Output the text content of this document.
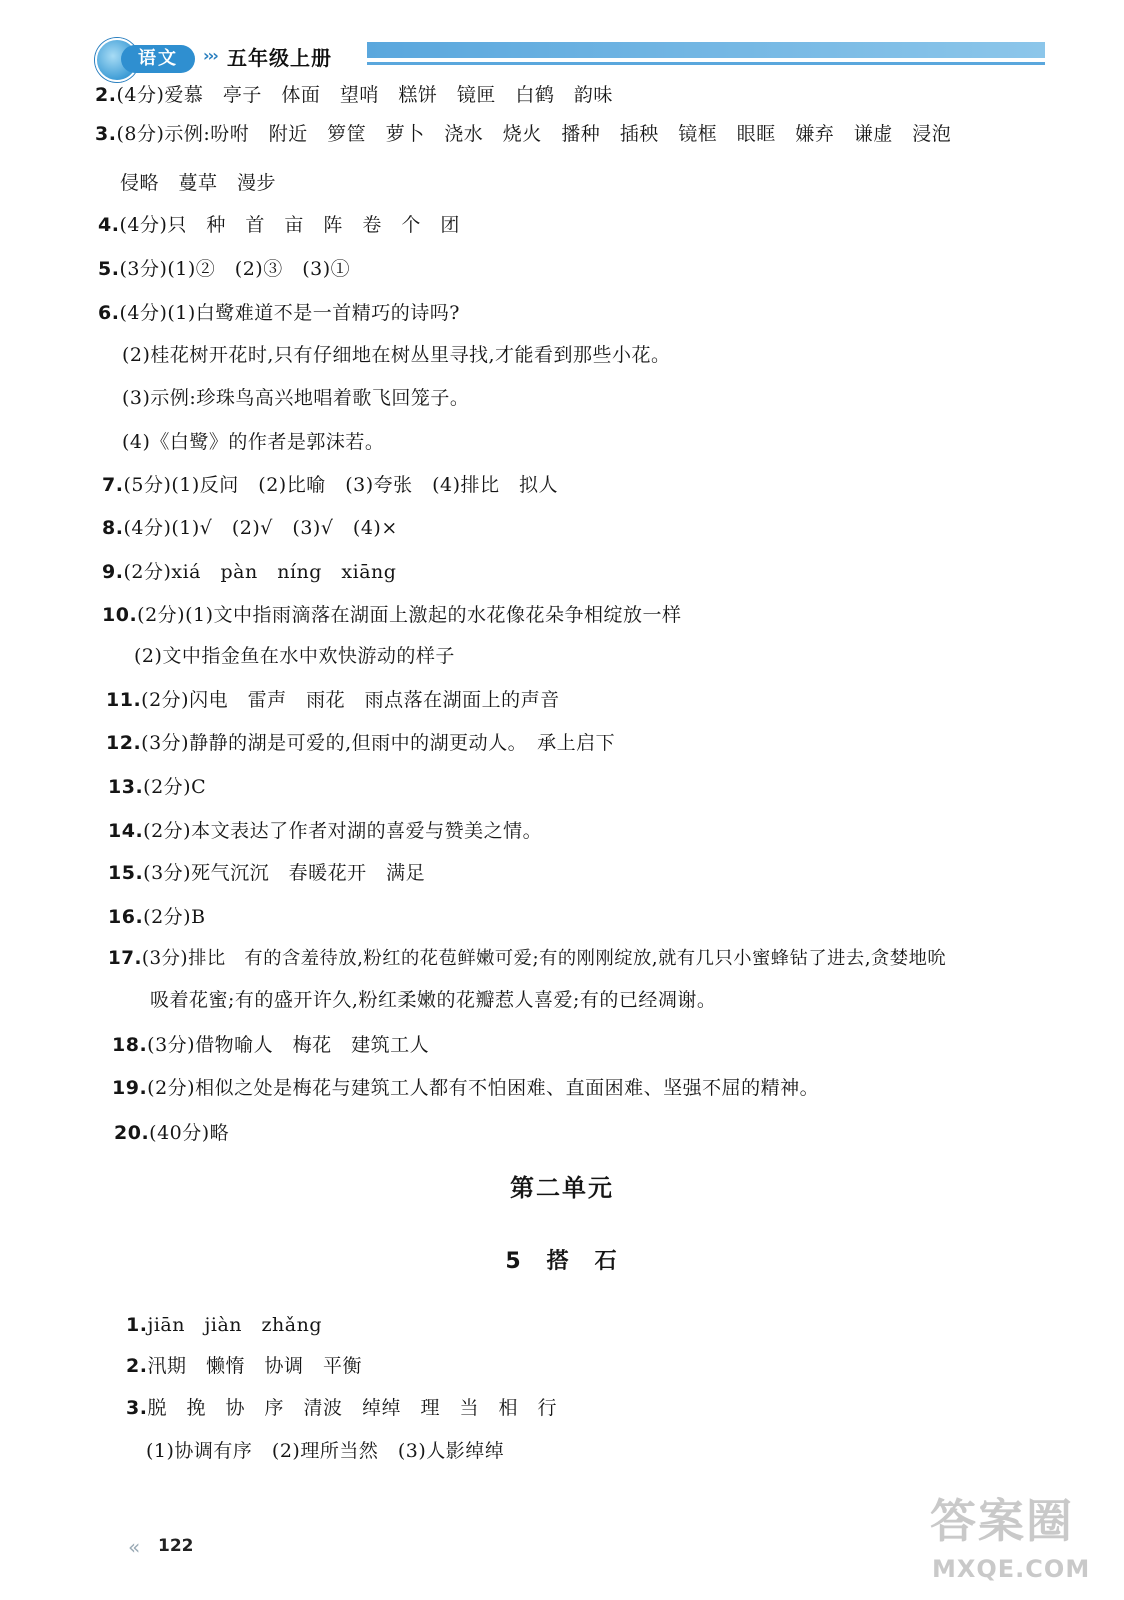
语文	››› 五年级上册
2.(4分)爱慕　亭子　体面　望哨　糕饼　镜匣　白鹤　韵味
3.(8分)示例:吩咐　附近　箩筐　萝卜　浇水　烧火　播种　插秧　镜框　眼眶　嫌弃　谦虚　浸泡
侵略　蔓草　漫步
4.(4分)只　种　首　亩　阵　卷　个　团
5.(3分)(1)②　(2)③　(3)①
6.(4分)(1)白鹭难道不是一首精巧的诗吗?
(2)桂花树开花时,只有仔细地在树丛里寻找,才能看到那些小花。
(3)示例:珍珠鸟高兴地唱着歌飞回笼子。
(4)《白鹭》的作者是郭沫若。
7.(5分)(1)反问　(2)比喻　(3)夸张　(4)排比　拟人
8.(4分)(1)√　(2)√　(3)√　(4)×
9.(2分)xiá　pàn　níng　xiāng
10.(2分)(1)文中指雨滴落在湖面上激起的水花像花朵争相绽放一样
(2)文中指金鱼在水中欢快游动的样子
11.(2分)闪电　雷声　雨花　雨点落在湖面上的声音
12.(3分)静静的湖是可爱的,但雨中的湖更动人。　承上启下
13.(2分)C
14.(2分)本文表达了作者对湖的喜爱与赞美之情。
15.(3分)死气沉沉　春暖花开　满足
16.(2分)B
17.(3分)排比　有的含羞待放,粉红的花苞鲜嫩可爱;有的刚刚绽放,就有几只小蜜蜂钻了进去,贪婪地吮
吸着花蜜;有的盛开许久,粉红柔嫩的花瓣惹人喜爱;有的已经凋谢。
18.(3分)借物喻人　梅花　建筑工人
19.(2分)相似之处是梅花与建筑工人都有不怕困难、直面困难、坚强不屈的精神。
20.(40分)略
第二单元
5　搭　石
1.jiān　jiàn　zhǎng
2.汛期　懒惰　协调　平衡
3.脱　挽　协　序　清波　绰绰　理　当　相　行
(1)协调有序　(2)理所当然　(3)人影绰绰
« 122	答案圈
MXQE.COM
